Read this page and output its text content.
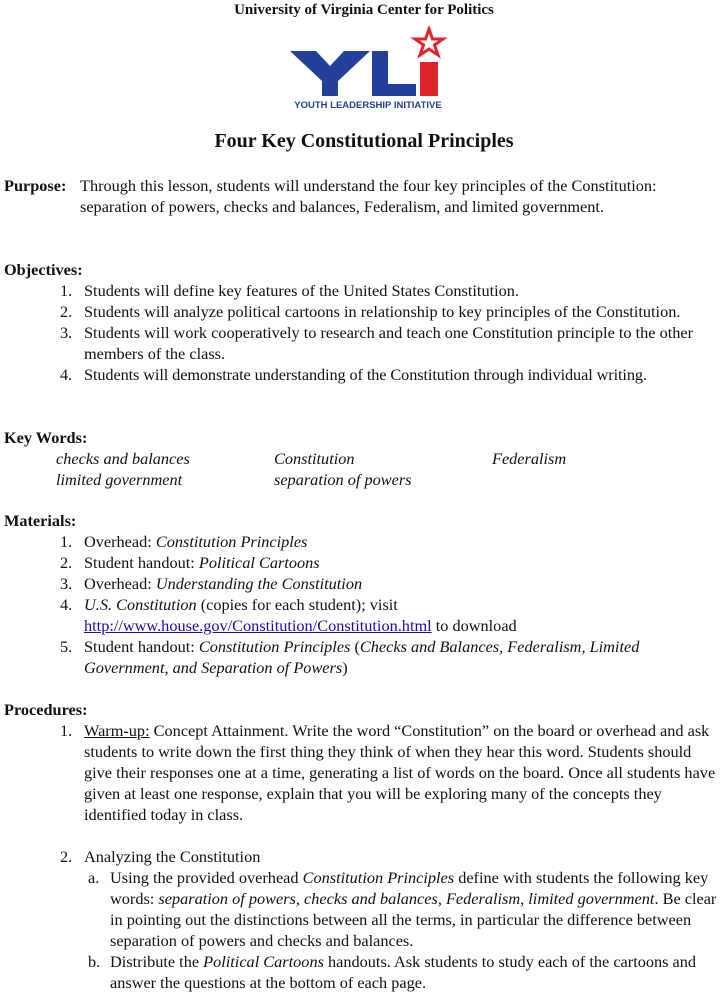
University of Virginia Center for Politics
YOUTH LEADERSHIP INITIATIVE
Four Key Constitutional Principles
Purpose: Through this lesson, students will understand the four key principles of the Constitution: separation of powers, checks and balances, Federalism, and limited government.
Objectives:
1. Students will define key features of the United States Constitution.
2. Students will analyze political cartoons in relationship to key principles of the Constitution.
3. Students will work cooperatively to research and teach one Constitution principle to the other members of the class.
4. Students will demonstrate understanding of the Constitution through individual writing.
Key Words:
checks and balances	Constitution	Federalism
limited government	separation of powers
Materials:
1. Overhead: Constitution Principles
2. Student handout: Political Cartoons
3. Overhead: Understanding the Constitution
4. U.S. Constitution (copies for each student); visit
http://www.house.gov/Constitution/Constitution.html to download
5. Student handout: Constitution Principles (Checks and Balances, Federalism, Limited Government, and Separation of Powers)
Procedures:
1. Warm-up: Concept Attainment. Write the word “Constitution” on the board or overhead and ask students to write down the first thing they think of when they hear this word. Students should give their responses one at a time, generating a list of words on the board. Once all students have given at least one response, explain that you will be exploring many of the concepts they identified today in class.
2. Analyzing the Constitution
a. Using the provided overhead Constitution Principles define with students the following key words: separation of powers, checks and balances, Federalism, limited government. Be clear in pointing out the distinctions between all the terms, in particular the difference between separation of powers and checks and balances.
b. Distribute the Political Cartoons handouts. Ask students to study each of the cartoons and answer the questions at the bottom of each page.
